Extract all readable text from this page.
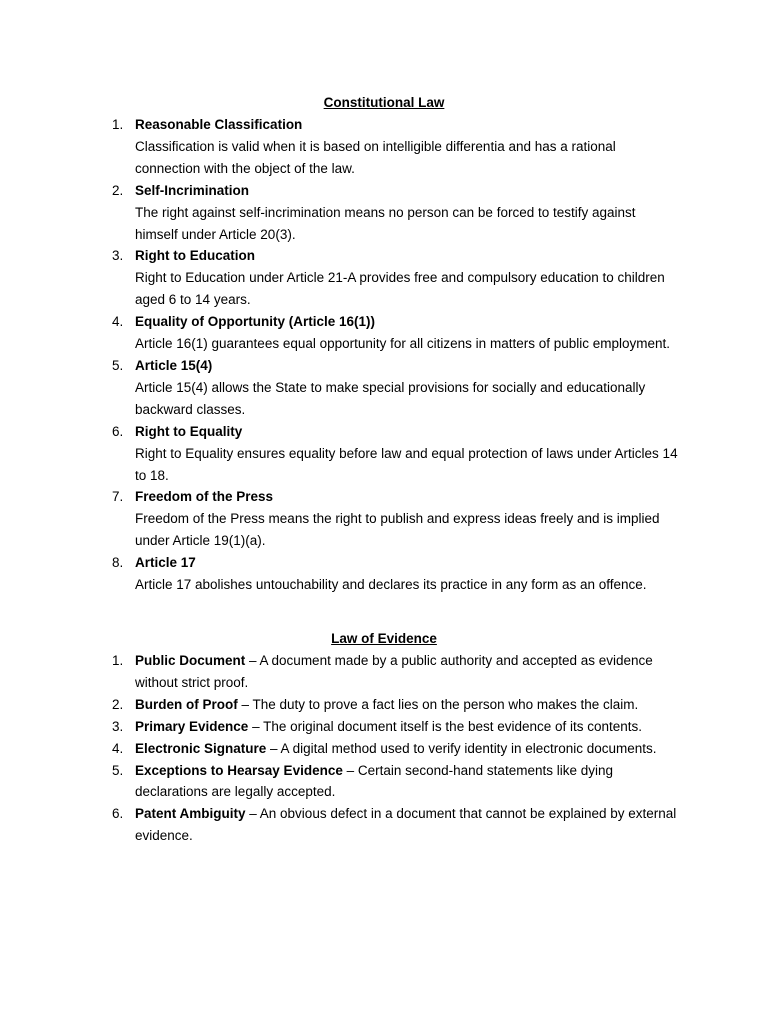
Constitutional Law
1. Reasonable Classification
Classification is valid when it is based on intelligible differentia and has a rational connection with the object of the law.
2. Self-Incrimination
The right against self-incrimination means no person can be forced to testify against himself under Article 20(3).
3. Right to Education
Right to Education under Article 21-A provides free and compulsory education to children aged 6 to 14 years.
4. Equality of Opportunity (Article 16(1))
Article 16(1) guarantees equal opportunity for all citizens in matters of public employment.
5. Article 15(4)
Article 15(4) allows the State to make special provisions for socially and educationally backward classes.
6. Right to Equality
Right to Equality ensures equality before law and equal protection of laws under Articles 14 to 18.
7. Freedom of the Press
Freedom of the Press means the right to publish and express ideas freely and is implied under Article 19(1)(a).
8. Article 17
Article 17 abolishes untouchability and declares its practice in any form as an offence.
Law of Evidence
1. Public Document – A document made by a public authority and accepted as evidence without strict proof.
2. Burden of Proof – The duty to prove a fact lies on the person who makes the claim.
3. Primary Evidence – The original document itself is the best evidence of its contents.
4. Electronic Signature – A digital method used to verify identity in electronic documents.
5. Exceptions to Hearsay Evidence – Certain second-hand statements like dying declarations are legally accepted.
6. Patent Ambiguity – An obvious defect in a document that cannot be explained by external evidence.
